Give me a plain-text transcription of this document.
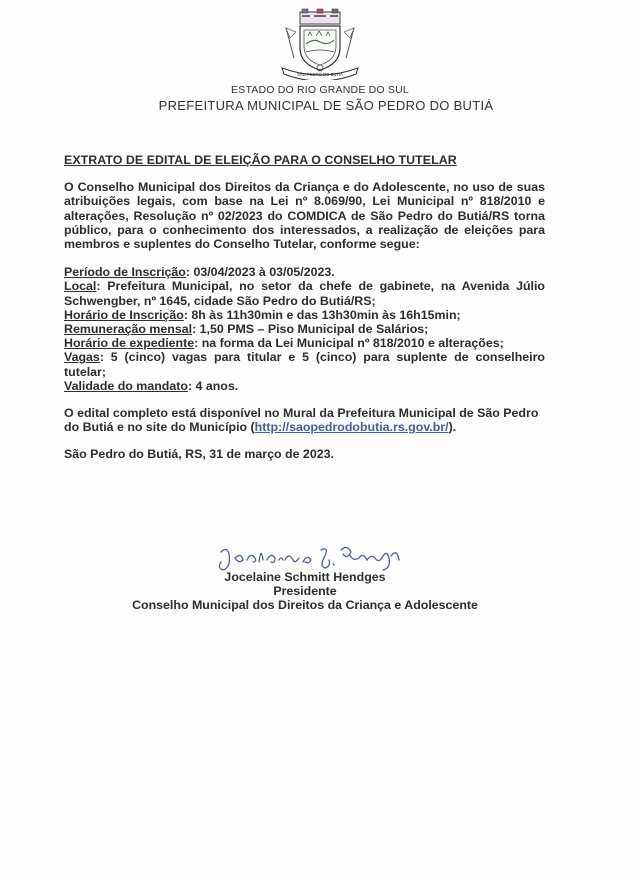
SÃO PEDRO DO BUTIÁ
ESTADO DO RIO GRANDE DO SUL
PREFEITURA MUNICIPAL DE SÃO PEDRO DO BUTIÁ

EXTRATO DE EDITAL DE ELEIÇÃO PARA O CONSELHO TUTELAR

O Conselho Municipal dos Direitos da Criança e do Adolescente, no uso de suas atribuições legais, com base na Lei nº 8.069/90, Lei Municipal nº 818/2010 e alterações, Resolução nº 02/2023 do COMDICA de São Pedro do Butiá/RS torna público, para o conhecimento dos interessados, a realização de eleições para membros e suplentes do Conselho Tutelar, conforme segue:

Período de Inscrição: 03/04/2023 à 03/05/2023.

Local: Prefeitura Municipal, no setor da chefe de gabinete, na Avenida Júlio Schwengber, nº 1645, cidade São Pedro do Butiá/RS;

Horário de Inscrição: 8h às 11h30min e das 13h30min às 16h15min;

Remuneração mensal: 1,50 PMS – Piso Municipal de Salários;

Horário de expediente: na forma da Lei Municipal nº 818/2010 e alterações;

Vagas: 5 (cinco) vagas para titular e 5 (cinco) para suplente de conselheiro tutelar;

Validade do mandato: 4 anos.

O edital completo está disponível no Mural da Prefeitura Municipal de São Pedro do Butiá e no site do Município (http://saopedrodobutia.rs.gov.br/).

São Pedro do Butiá, RS, 31 de março de 2023.

Jocelaine Schmitt Hendges
Presidente
Conselho Municipal dos Direitos da Criança e Adolescente
